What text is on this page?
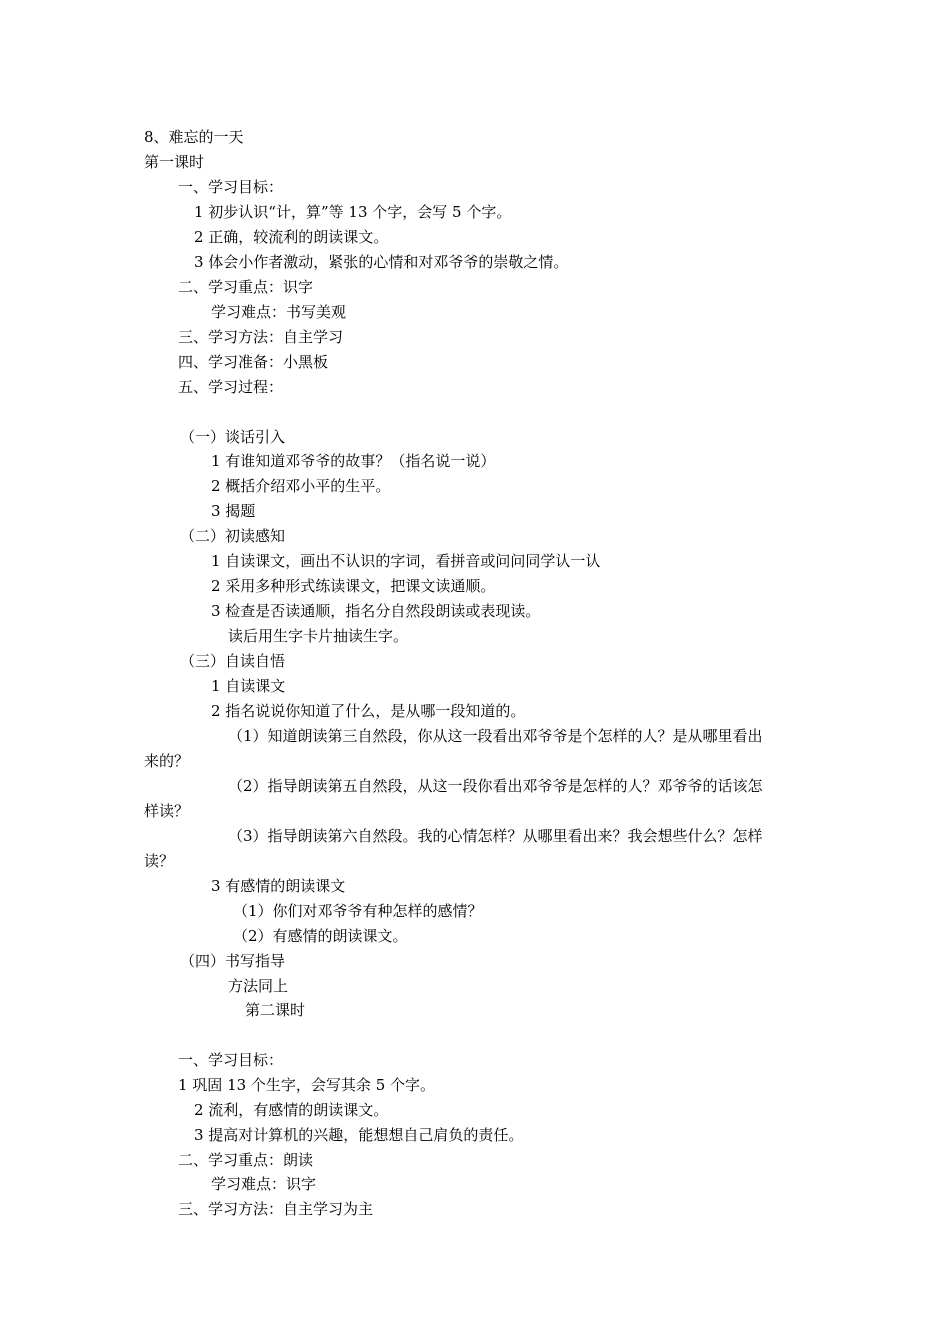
8、难忘的一天
第一课时
一、学习目标：
1 初步认识“计，算”等 13 个字，会写 5 个字。
2 正确，较流利的朗读课文。
3 体会小作者激动，紧张的心情和对邓爷爷的崇敬之情。
二、学习重点：识字
学习难点：书写美观
三、学习方法：自主学习
四、学习准备：小黑板
五、学习过程：
（一）谈话引入
1 有谁知道邓爷爷的故事？（指名说一说）
2 概括介绍邓小平的生平。
3 揭题
（二）初读感知
1 自读课文，画出不认识的字词，看拼音或问问同学认一认
2 采用多种形式练读课文，把课文读通顺。
3 检查是否读通顺，指名分自然段朗读或表现读。
读后用生字卡片抽读生字。
（三）自读自悟
1 自读课文
2 指名说说你知道了什么，是从哪一段知道的。
（1）知道朗读第三自然段，你从这一段看出邓爷爷是个怎样的人？是从哪里看出
来的？
（2）指导朗读第五自然段，从这一段你看出邓爷爷是怎样的人？邓爷爷的话该怎
样读？
（3）指导朗读第六自然段。我的心情怎样？从哪里看出来？我会想些什么？怎样
读？
3 有感情的朗读课文
（1）你们对邓爷爷有种怎样的感情？
（2）有感情的朗读课文。
（四）书写指导
方法同上
第二课时
一、学习目标：
1 巩固 13 个生字，会写其余 5 个字。
2 流利，有感情的朗读课文。
3 提高对计算机的兴趣，能想想自己肩负的责任。
二、学习重点：朗读
学习难点：识字
三、学习方法：自主学习为主
